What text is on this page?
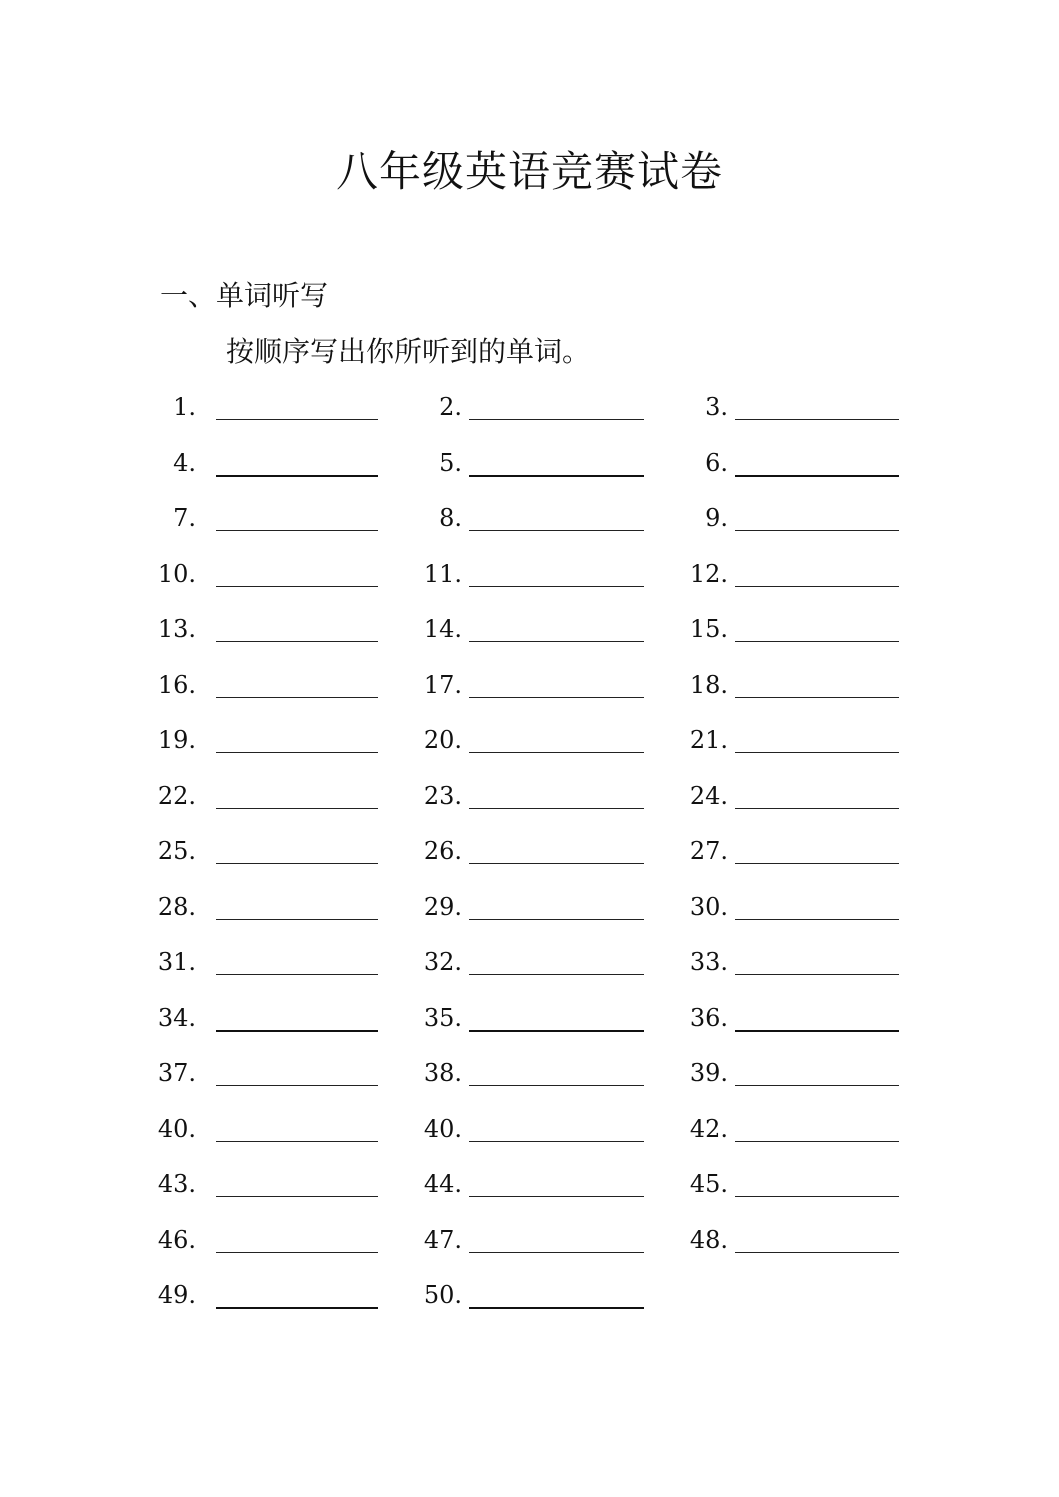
八年级英语竞赛试卷
一、单词听写
按顺序写出你所听到的单词。
1.	2.	3.
4.	5.	6.
7.	8.	9.
10.	11.	12.
13.	14.	15.
16.	17.	18.
19.	20.	21.
22.	23.	24.
25.	26.	27.
28.	29.	30.
31.	32.	33.
34.	35.	36.
37.	38.	39.
40.	40.	42.
43.	44.	45.
46.	47.	48.
49.	50.
